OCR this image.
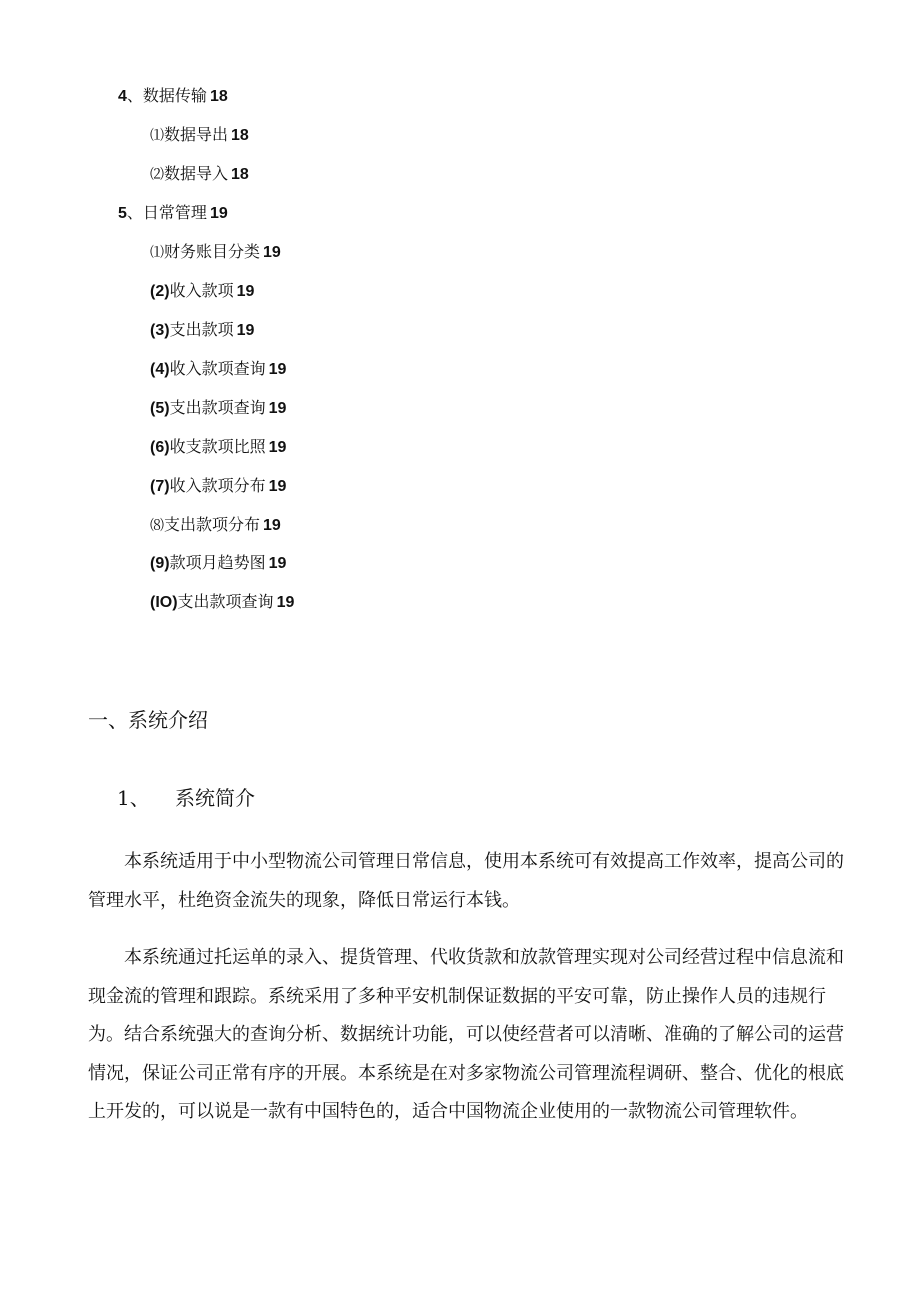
4、数据传输 18
⑴数据导出 18
⑵数据导入 18
5、日常管理 19
⑴财务账目分类 19
(2)收入款项 19
(3)支出款项 19
(4)收入款项查询 19
(5)支出款项查询 19
(6)收支款项比照 19
(7)收入款项分布 19
⑻支出款项分布 19
(9)款项月趋势图 19
(IO)支出款项查询 19
一、系统介绍
1、 系统简介

本系统适用于中小型物流公司管理日常信息，使用本系统可有效提高工作效率，提高公司的管理水平，杜绝资金流失的现象，降低日常运行本钱。

本系统通过托运单的录入、提货管理、代收货款和放款管理实现对公司经营过程中信息流和现金流的管理和跟踪。系统采用了多种平安机制保证数据的平安可靠，防止操作人员的违规行为。结合系统强大的查询分析、数据统计功能，可以使经营者可以清晰、准确的了解公司的运营情况，保证公司正常有序的开展。本系统是在对多家物流公司管理流程调研、整合、优化的根底上开发的，可以说是一款有中国特色的，适合中国物流企业使用的一款物流公司管理软件。
